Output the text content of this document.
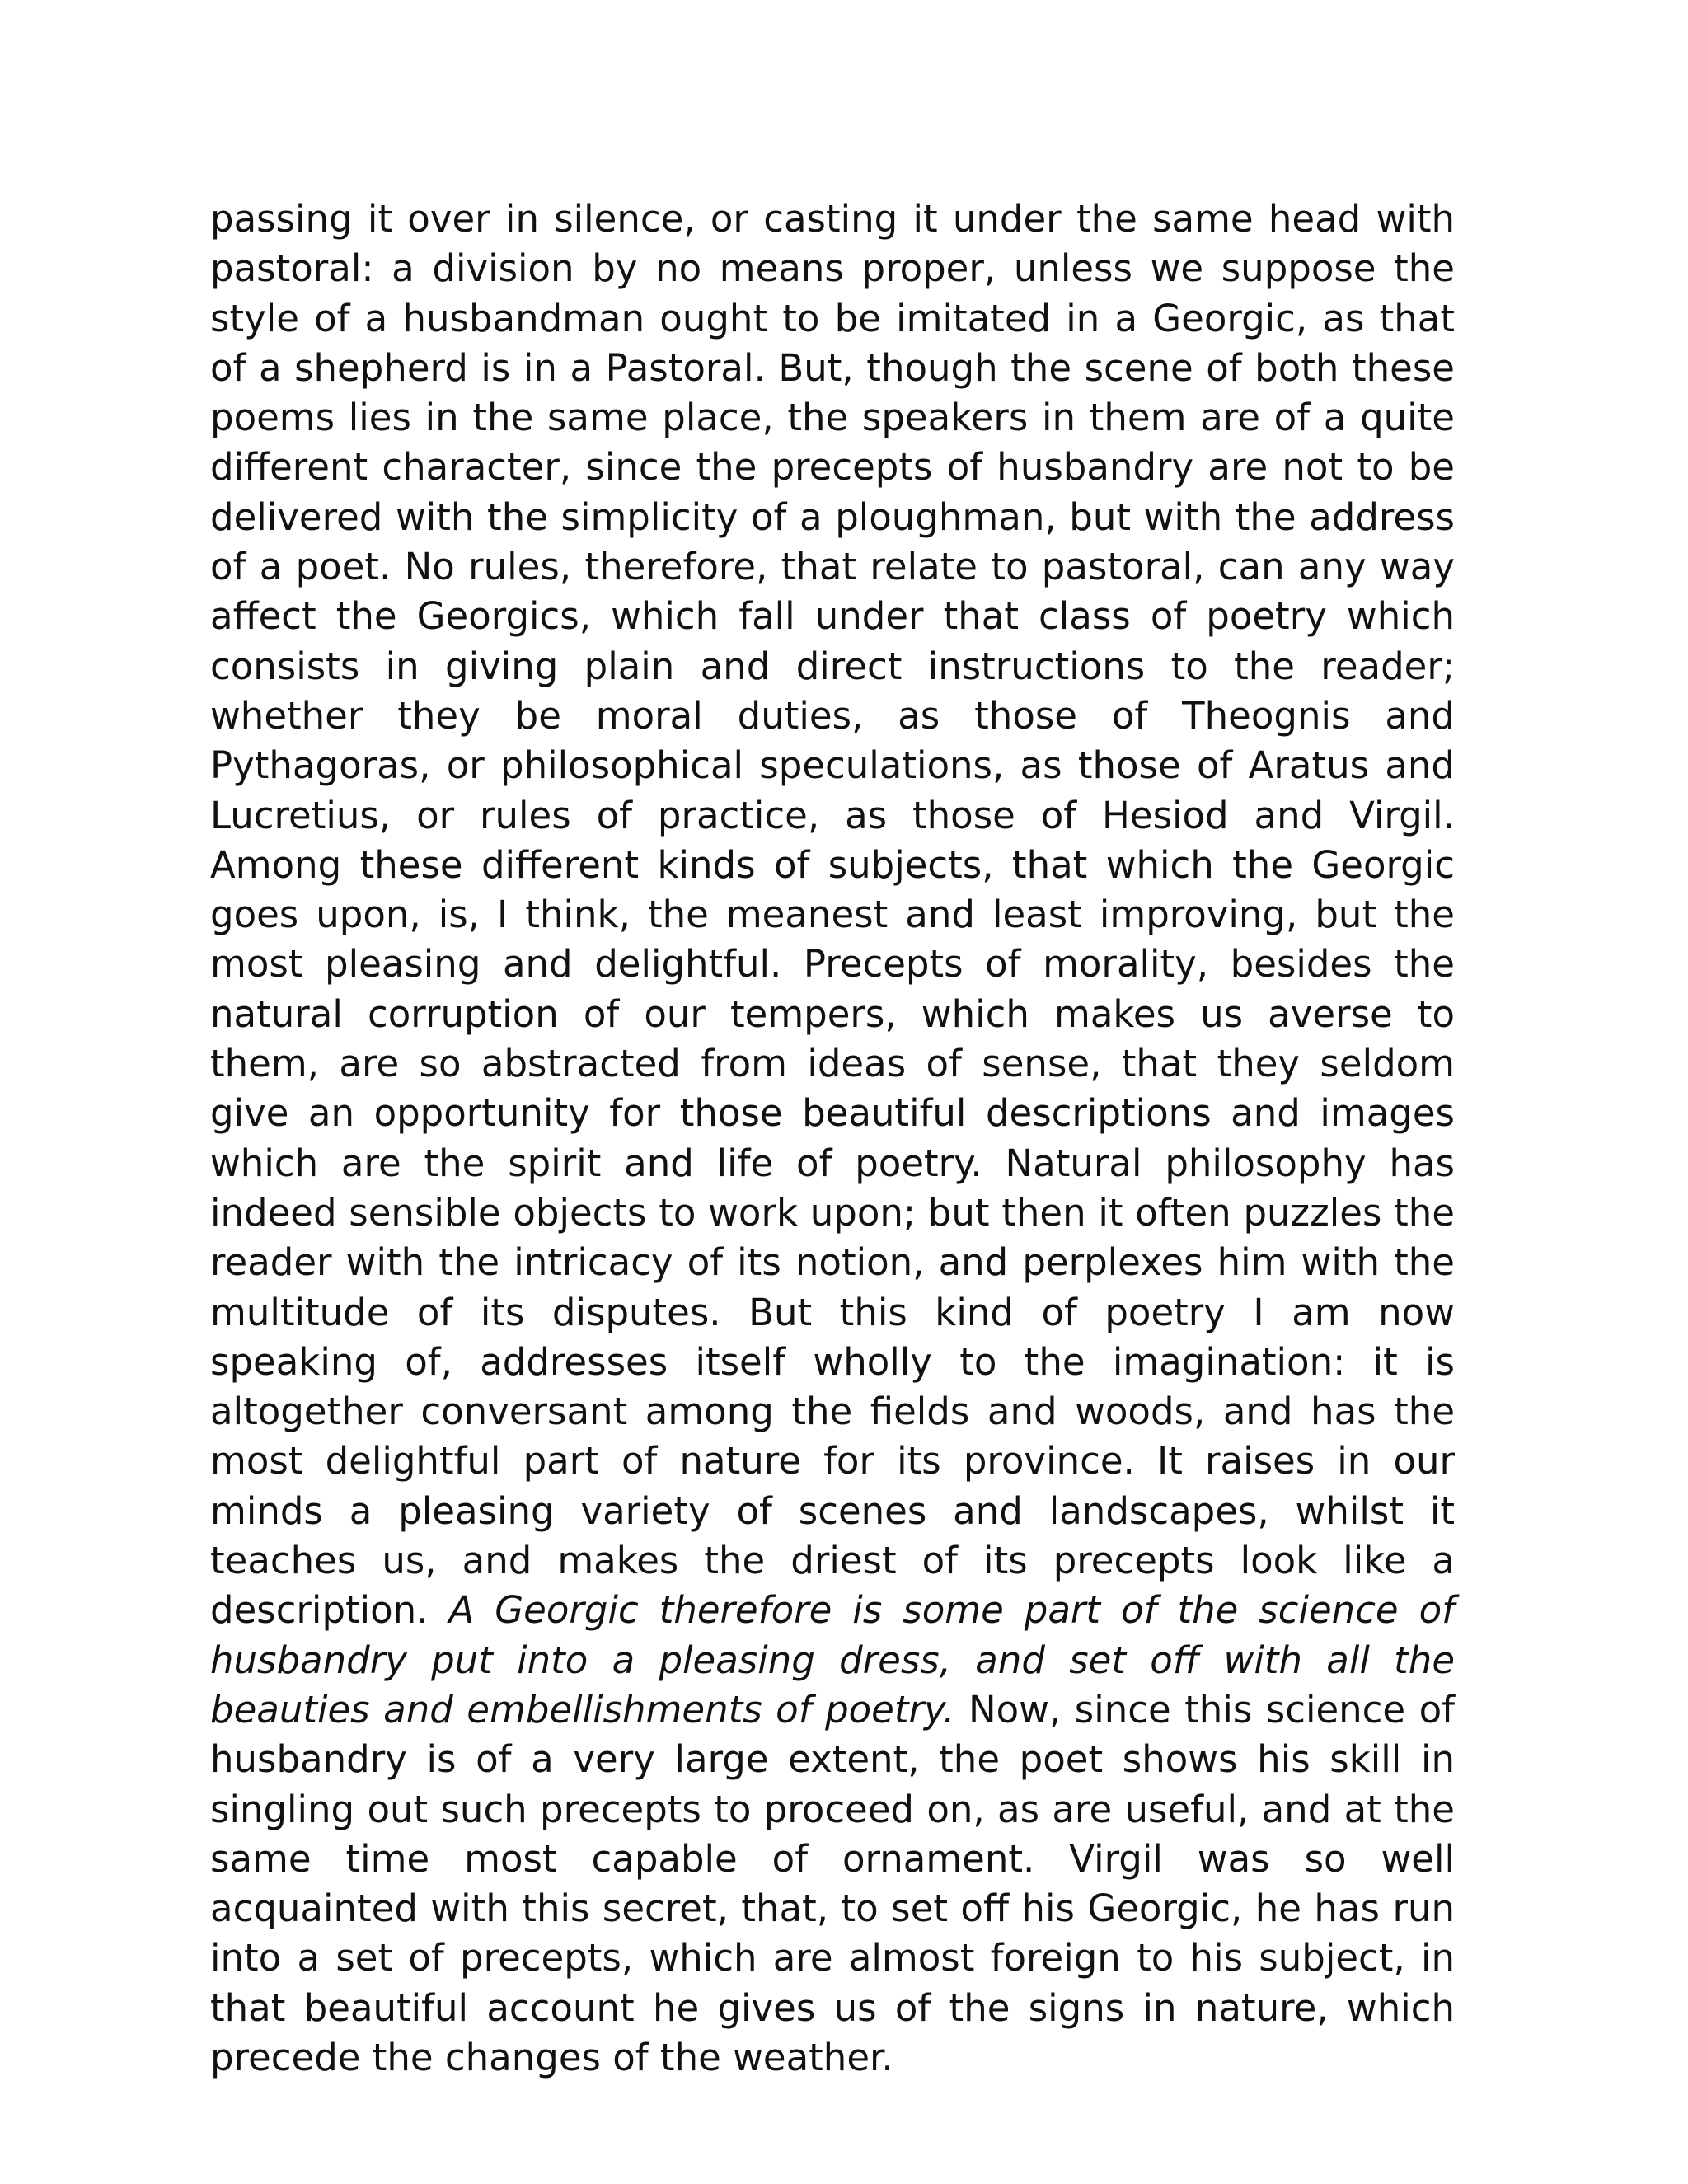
passing it over in silence, or casting it under the same head with pastoral: a division by no means proper, unless we suppose the style of a husbandman ought to be imitated in a Georgic, as that of a shepherd is in a Pastoral. But, though the scene of both these poems lies in the same place, the speakers in them are of a quite different character, since the precepts of husbandry are not to be delivered with the simplicity of a ploughman, but with the address of a poet. No rules, therefore, that relate to pastoral, can any way affect the Georgics, which fall under that class of poetry which consists in giving plain and direct instructions to the reader; whether they be moral duties, as those of Theognis and Pythagoras, or philosophical speculations, as those of Aratus and Lucretius, or rules of practice, as those of Hesiod and Virgil. Among these different kinds of subjects, that which the Georgic goes upon, is, I think, the meanest and least improving, but the most pleasing and delightful. Precepts of morality, besides the natural corruption of our tempers, which makes us averse to them, are so abstracted from ideas of sense, that they seldom give an opportunity for those beautiful descriptions and images which are the spirit and life of poetry. Natural philosophy has indeed sensible objects to work upon; but then it often puzzles the reader with the intricacy of its notion, and perplexes him with the multitude of its disputes. But this kind of poetry I am now speaking of, addresses itself wholly to the imagination: it is altogether conversant among the fields and woods, and has the most delightful part of nature for its province. It raises in our minds a pleasing variety of scenes and landscapes, whilst it teaches us, and makes the driest of its precepts look like a description. A Georgic therefore is some part of the science of husbandry put into a pleasing dress, and set off with all the beauties and embellishments of poetry. Now, since this science of husbandry is of a very large extent, the poet shows his skill in singling out such precepts to proceed on, as are useful, and at the same time most capable of ornament. Virgil was so well acquainted with this secret, that, to set off his Georgic, he has run into a set of precepts, which are almost foreign to his subject, in that beautiful account he gives us of the signs in nature, which precede the changes of the weather.
